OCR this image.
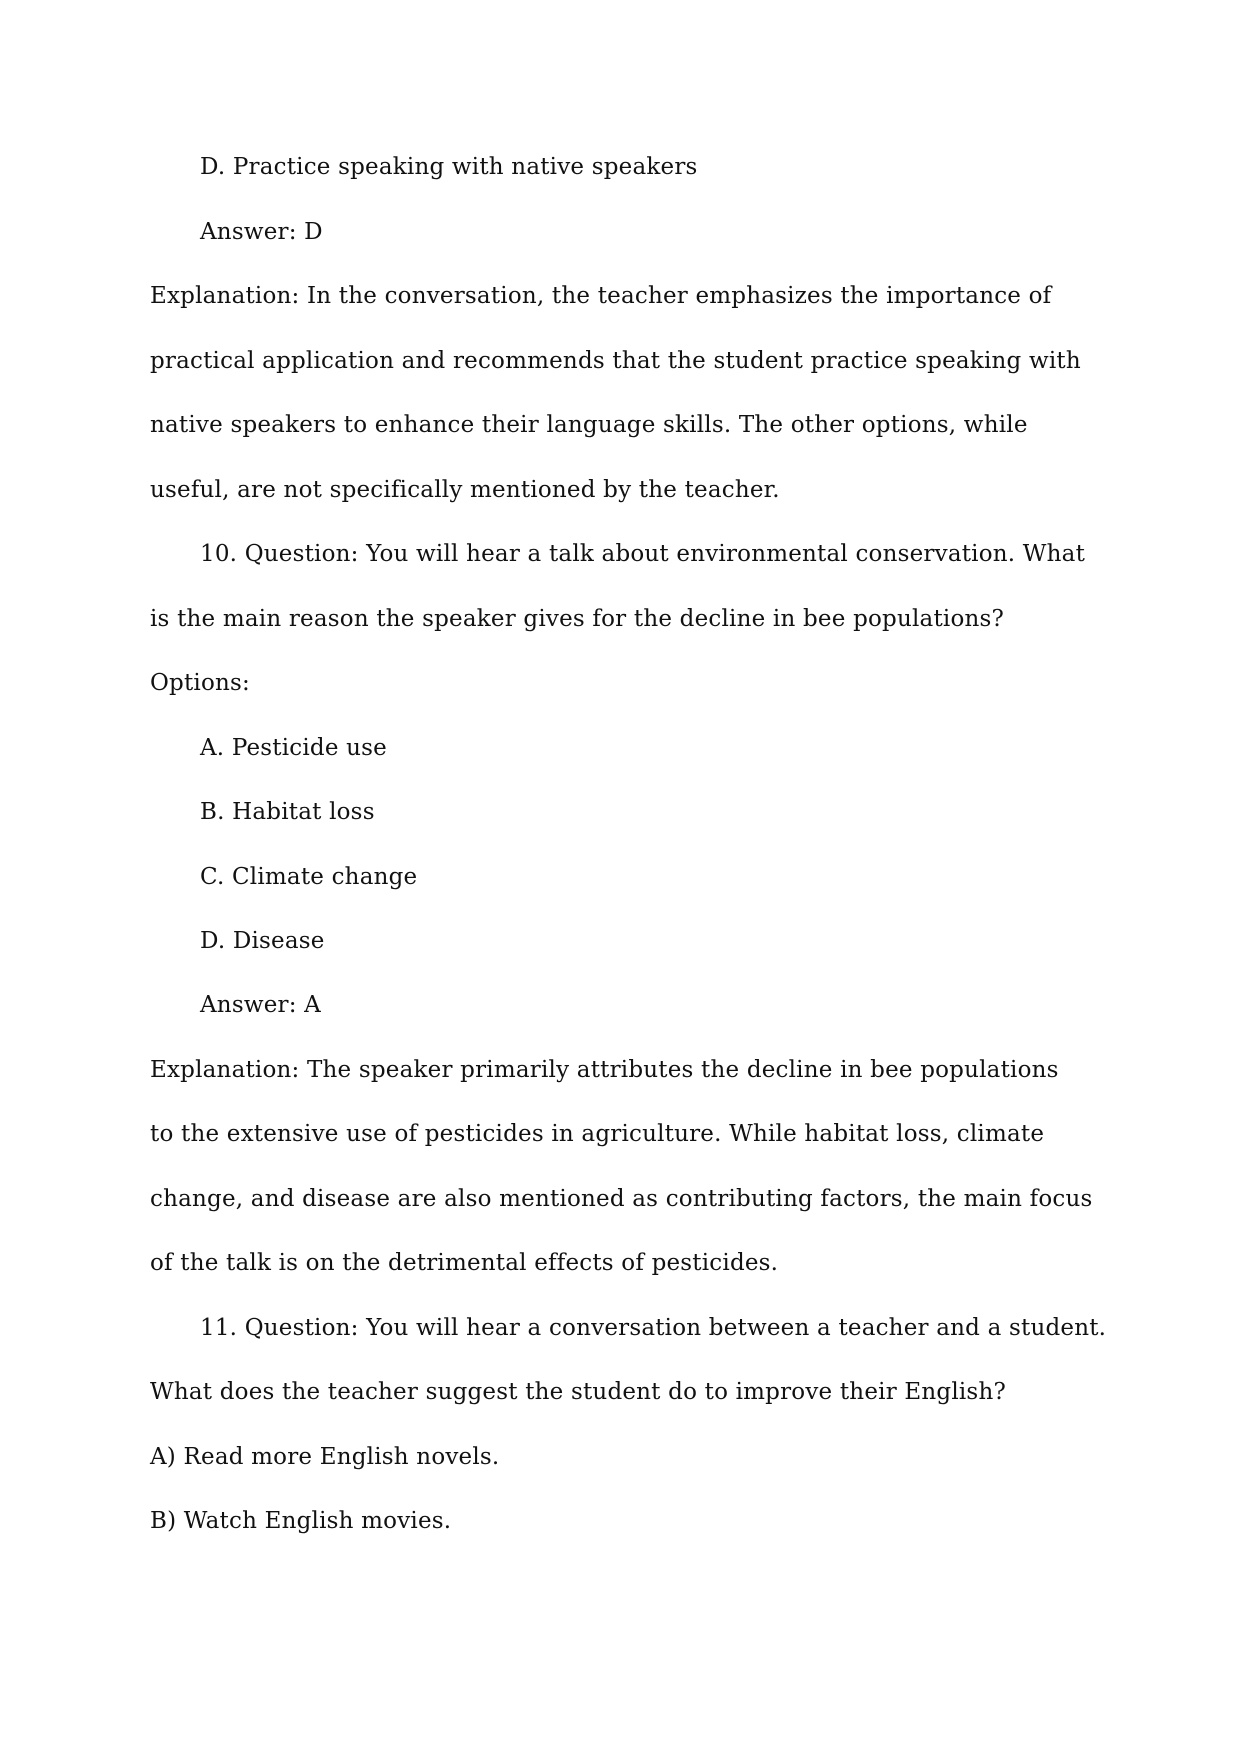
D. Practice speaking with native speakers
Answer: D
Explanation: In the conversation, the teacher emphasizes the importance of
practical application and recommends that the student practice speaking with
native speakers to enhance their language skills. The other options, while
useful, are not specifically mentioned by the teacher.
10. Question: You will hear a talk about environmental conservation. What
is the main reason the speaker gives for the decline in bee populations?
Options:
A. Pesticide use
B. Habitat loss
C. Climate change
D. Disease
Answer: A
Explanation: The speaker primarily attributes the decline in bee populations
to the extensive use of pesticides in agriculture. While habitat loss, climate
change, and disease are also mentioned as contributing factors, the main focus
of the talk is on the detrimental effects of pesticides.
11. Question: You will hear a conversation between a teacher and a student.
What does the teacher suggest the student do to improve their English?
A) Read more English novels.
B) Watch English movies.
